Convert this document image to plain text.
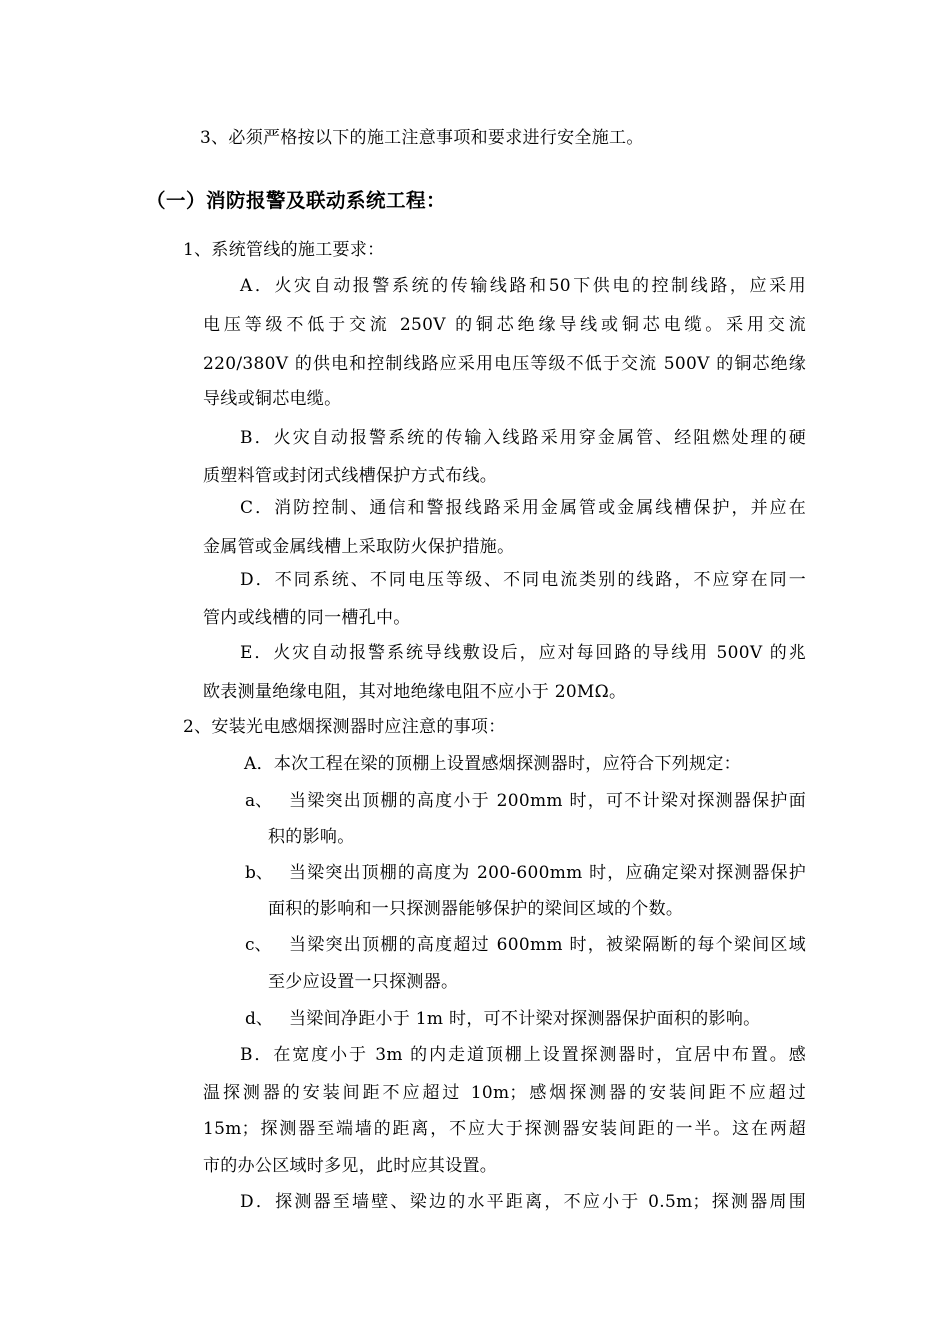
3、必须严格按以下的施工注意事项和要求进行安全施工。
（一）消防报警及联动系统工程：
1、系统管线的施工要求：
A．火灾自动报警系统的传输线路和50下供电的控制线路，应采用
电压等级不低于交流 250V 的铜芯绝缘导线或铜芯电缆。采用交流
220/380V 的供电和控制线路应采用电压等级不低于交流 500V 的铜芯绝缘
导线或铜芯电缆。
B．火灾自动报警系统的传输入线路采用穿金属管、经阻燃处理的硬
质塑料管或封闭式线槽保护方式布线。
C．消防控制、通信和警报线路采用金属管或金属线槽保护，并应在
金属管或金属线槽上采取防火保护措施。
D．不同系统、不同电压等级、不同电流类别的线路，不应穿在同一
管内或线槽的同一槽孔中。
E．火灾自动报警系统导线敷设后，应对每回路的导线用 500V 的兆
欧表测量绝缘电阻，其对地绝缘电阻不应小于 20MΩ。
2、安装光电感烟探测器时应注意的事项：
A．本次工程在梁的顶棚上设置感烟探测器时，应符合下列规定：
a、 当梁突出顶棚的高度小于 200mm 时，可不计梁对探测器保护面
积的影响。
b、 当梁突出顶棚的高度为 200-600mm 时，应确定梁对探测器保护
面积的影响和一只探测器能够保护的梁间区域的个数。
c、 当梁突出顶棚的高度超过 600mm 时，被梁隔断的每个梁间区域
至少应设置一只探测器。
d、 当梁间净距小于 1m 时，可不计梁对探测器保护面积的影响。
B．在宽度小于 3m 的内走道顶棚上设置探测器时，宜居中布置。感
温探测器的安装间距不应超过 10m；感烟探测器的安装间距不应超过
15m；探测器至端墙的距离，不应大于探测器安装间距的一半。这在两超
市的办公区域时多见，此时应其设置。
D．探测器至墙壁、梁边的水平距离，不应小于 0.5m；探测器周围
